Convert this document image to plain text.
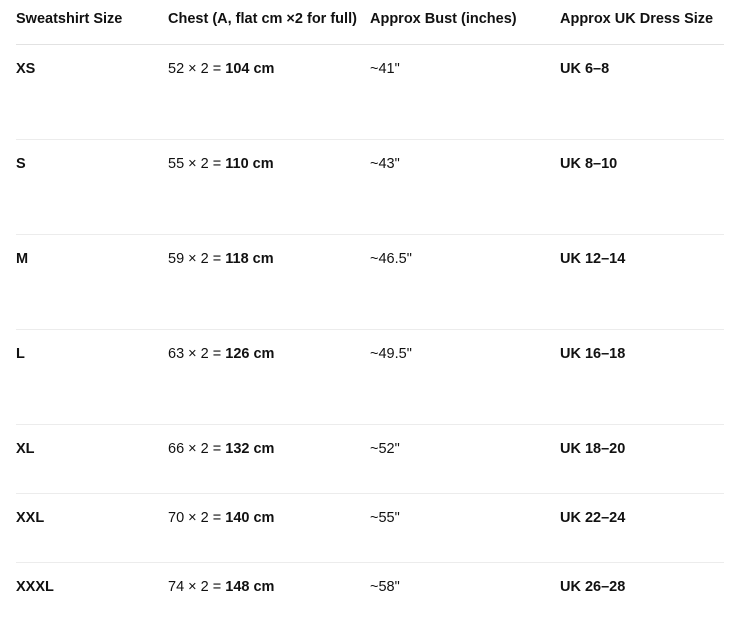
Sweatshirt Size	Chest (A, flat cm ×2 for full)	Approx Bust (inches)	Approx UK Dress Size
XS	52 × 2 = 104 cm	~41"	UK 6–8
S	55 × 2 = 110 cm	~43"	UK 8–10
M	59 × 2 = 118 cm	~46.5"	UK 12–14
L	63 × 2 = 126 cm	~49.5"	UK 16–18
XL	66 × 2 = 132 cm	~52"	UK 18–20
XXL	70 × 2 = 140 cm	~55"	UK 22–24
XXXL	74 × 2 = 148 cm	~58"	UK 26–28
